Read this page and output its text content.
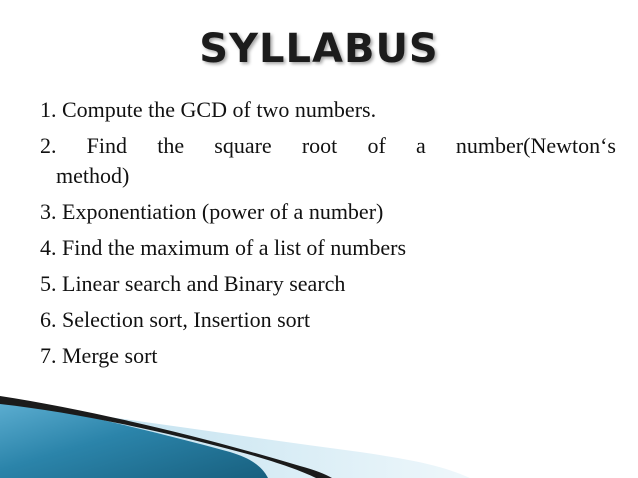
SYLLABUS
1. Compute the GCD of two numbers.
2. Find the square root of a number(Newton‘s
method)
3. Exponentiation (power of a number)
4. Find the maximum of a list of numbers
5. Linear search and Binary search
6. Selection sort, Insertion sort
7. Merge sort
